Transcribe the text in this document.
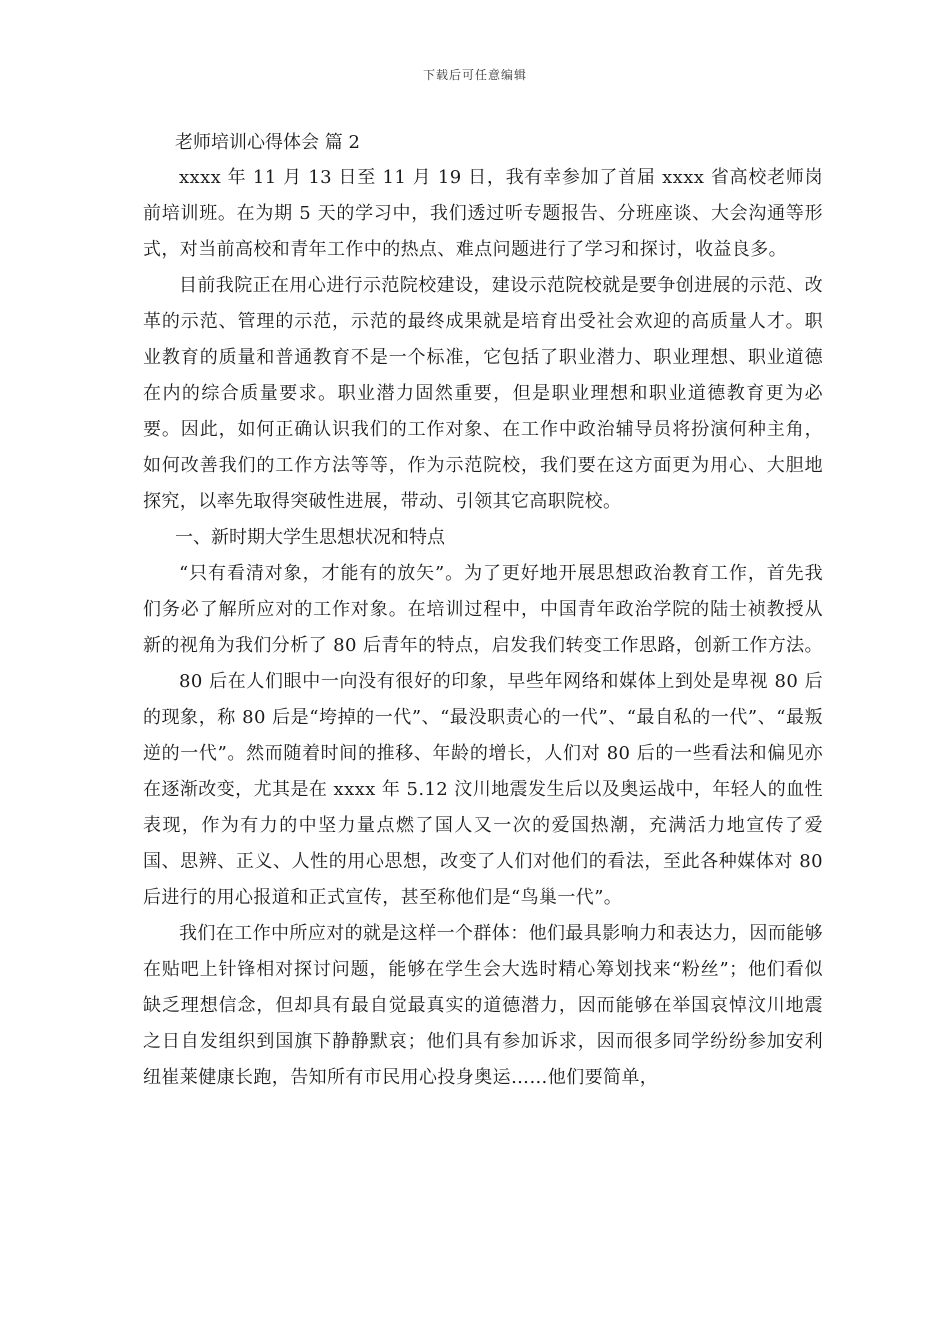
下载后可任意编辑
老师培训心得体会 篇 2

xxxx 年 11 月 13 日至 11 月 19 日，我有幸参加了首届 xxxx 省高校老师岗前培训班。在为期 5 天的学习中，我们透过听专题报告、分班座谈、大会沟通等形式，对当前高校和青年工作中的热点、难点问题进行了学习和探讨，收益良多。

目前我院正在用心进行示范院校建设，建设示范院校就是要争创进展的示范、改革的示范、管理的示范，示范的最终成果就是培育出受社会欢迎的高质量人才。职业教育的质量和普通教育不是一个标准，它包括了职业潜力、职业理想、职业道德在内的综合质量要求。职业潜力固然重要，但是职业理想和职业道德教育更为必要。因此，如何正确认识我们的工作对象、在工作中政治辅导员将扮演何种主角，如何改善我们的工作方法等等，作为示范院校，我们要在这方面更为用心、大胆地探究，以率先取得突破性进展，带动、引领其它高职院校。

一、新时期大学生思想状况和特点

“只有看清对象，才能有的放矢”。为了更好地开展思想政治教育工作，首先我们务必了解所应对的工作对象。在培训过程中，中国青年政治学院的陆士祯教授从新的视角为我们分析了 80 后青年的特点，启发我们转变工作思路，创新工作方法。

80 后在人们眼中一向没有很好的印象，早些年网络和媒体上到处是卑视 80 后的现象，称 80 后是“垮掉的一代”、“最没职责心的一代”、“最自私的一代”、“最叛逆的一代”。然而随着时间的推移、年龄的增长，人们对 80 后的一些看法和偏见亦在逐渐改变，尤其是在 xxxx 年 5.12 汶川地震发生后以及奥运战中，年轻人的血性表现，作为有力的中坚力量点燃了国人又一次的爱国热潮，充满活力地宣传了爱国、思辨、正义、人性的用心思想，改变了人们对他们的看法，至此各种媒体对 80 后进行的用心报道和正式宣传，甚至称他们是“鸟巢一代”。

我们在工作中所应对的就是这样一个群体：他们最具影响力和表达力，因而能够在贴吧上针锋相对探讨问题，能够在学生会大选时精心筹划找来“粉丝”；他们看似缺乏理想信念，但却具有最自觉最真实的道德潜力，因而能够在举国哀悼汶川地震之日自发组织到国旗下静静默哀；他们具有参加诉求，因而很多同学纷纷参加安利纽崔莱健康长跑，告知所有市民用心投身奥运……他们要简单，
